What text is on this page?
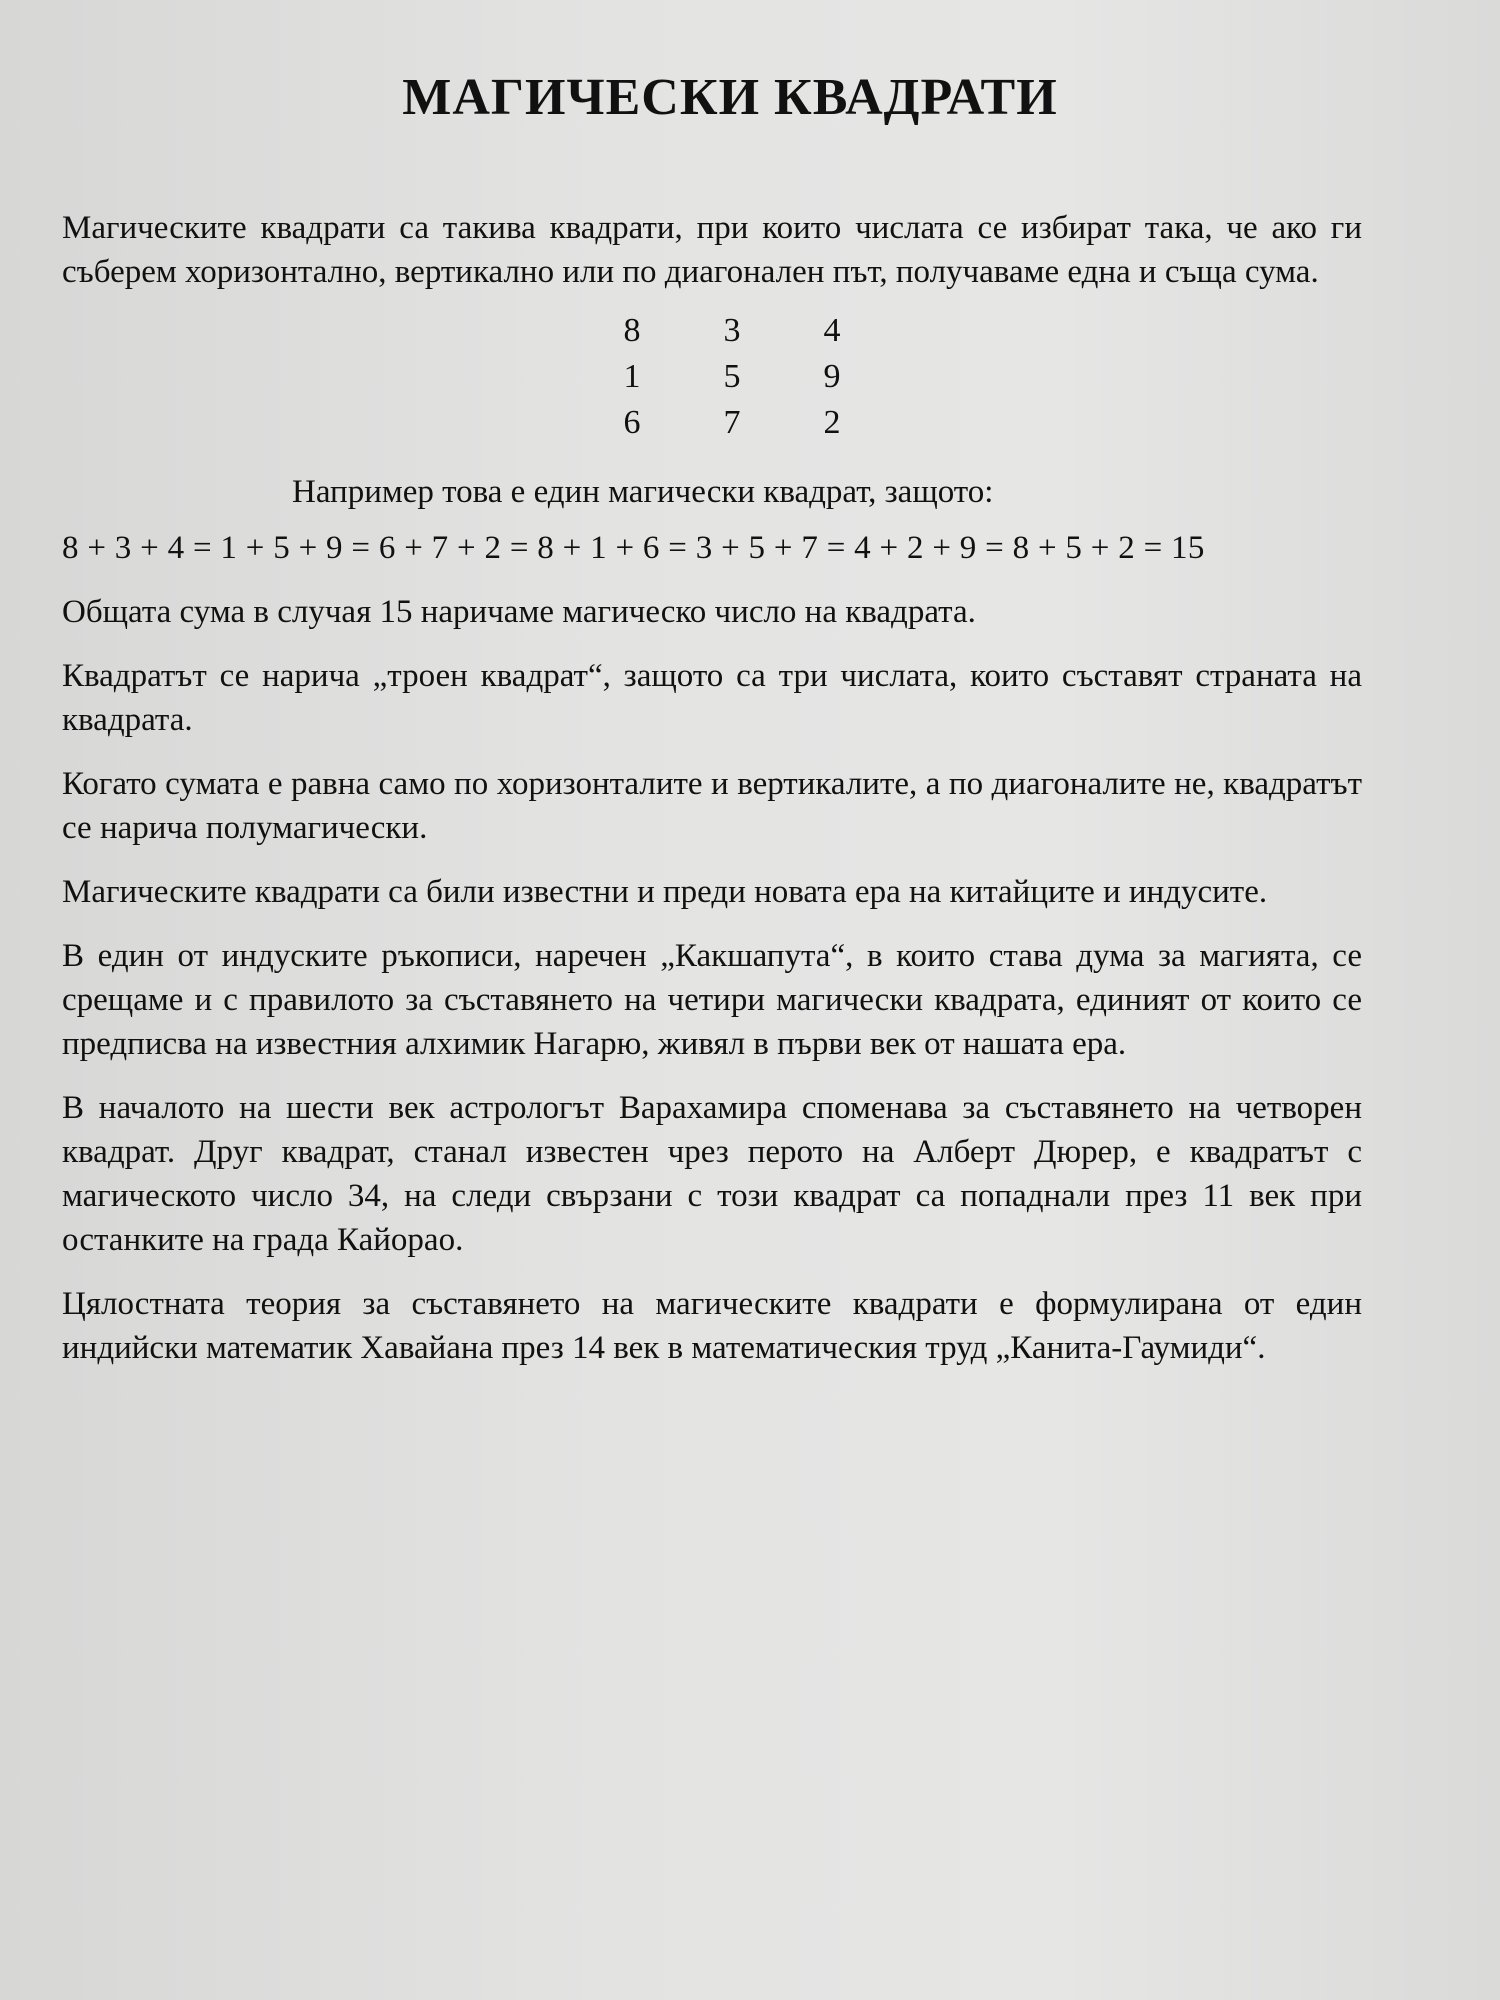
МАГИЧЕСКИ КВАДРАТИ

Магическите квадрати са такива квадрати, при които числата се избират така, че ако ги съберем хоризонтално, вертикално или по диагонален път, получаваме една и съща сума.

8	3	4
1	5	9
6	7	2
Например това е един магически квадрат, защото:
8 + 3 + 4 = 1 + 5 + 9 = 6 + 7 + 2 = 8 + 1 + 6 = 3 + 5 + 7 = 4 + 2 + 9 = 8 + 5 + 2 = 15

Общата сума в случая 15 наричаме магическо число на квадрата.

Квадратът се нарича „троен квадрат“, защото са три числата, които съставят страната на квадрата.

Когато сумата е равна само по хоризонталите и вертикалите, а по диагоналите не, квадратът се нарича полумагически.

Магическите квадрати са били известни и преди новата ера на китайците и индусите.

В един от индуските ръкописи, наречен „Какшапута“, в които става дума за магията, се срещаме и с правилото за съставянето на четири магически квадрата, единият от които се предписва на известния алхимик Нагарю, живял в първи век от нашата ера.

В началото на шести век астрологът Варахамира споменава за съставянето на четворен квадрат. Друг квадрат, станал известен чрез перото на Алберт Дюрер, е квадратът с магическото число 34, на следи свързани с този квадрат са попаднали през 11 век при останките на града Кайорао.

Цялостната теория за съставянето на магическите квадрати е формулирана от един индийски математик Хавайана през 14 век в математическия труд „Канита-Гаумиди“.
